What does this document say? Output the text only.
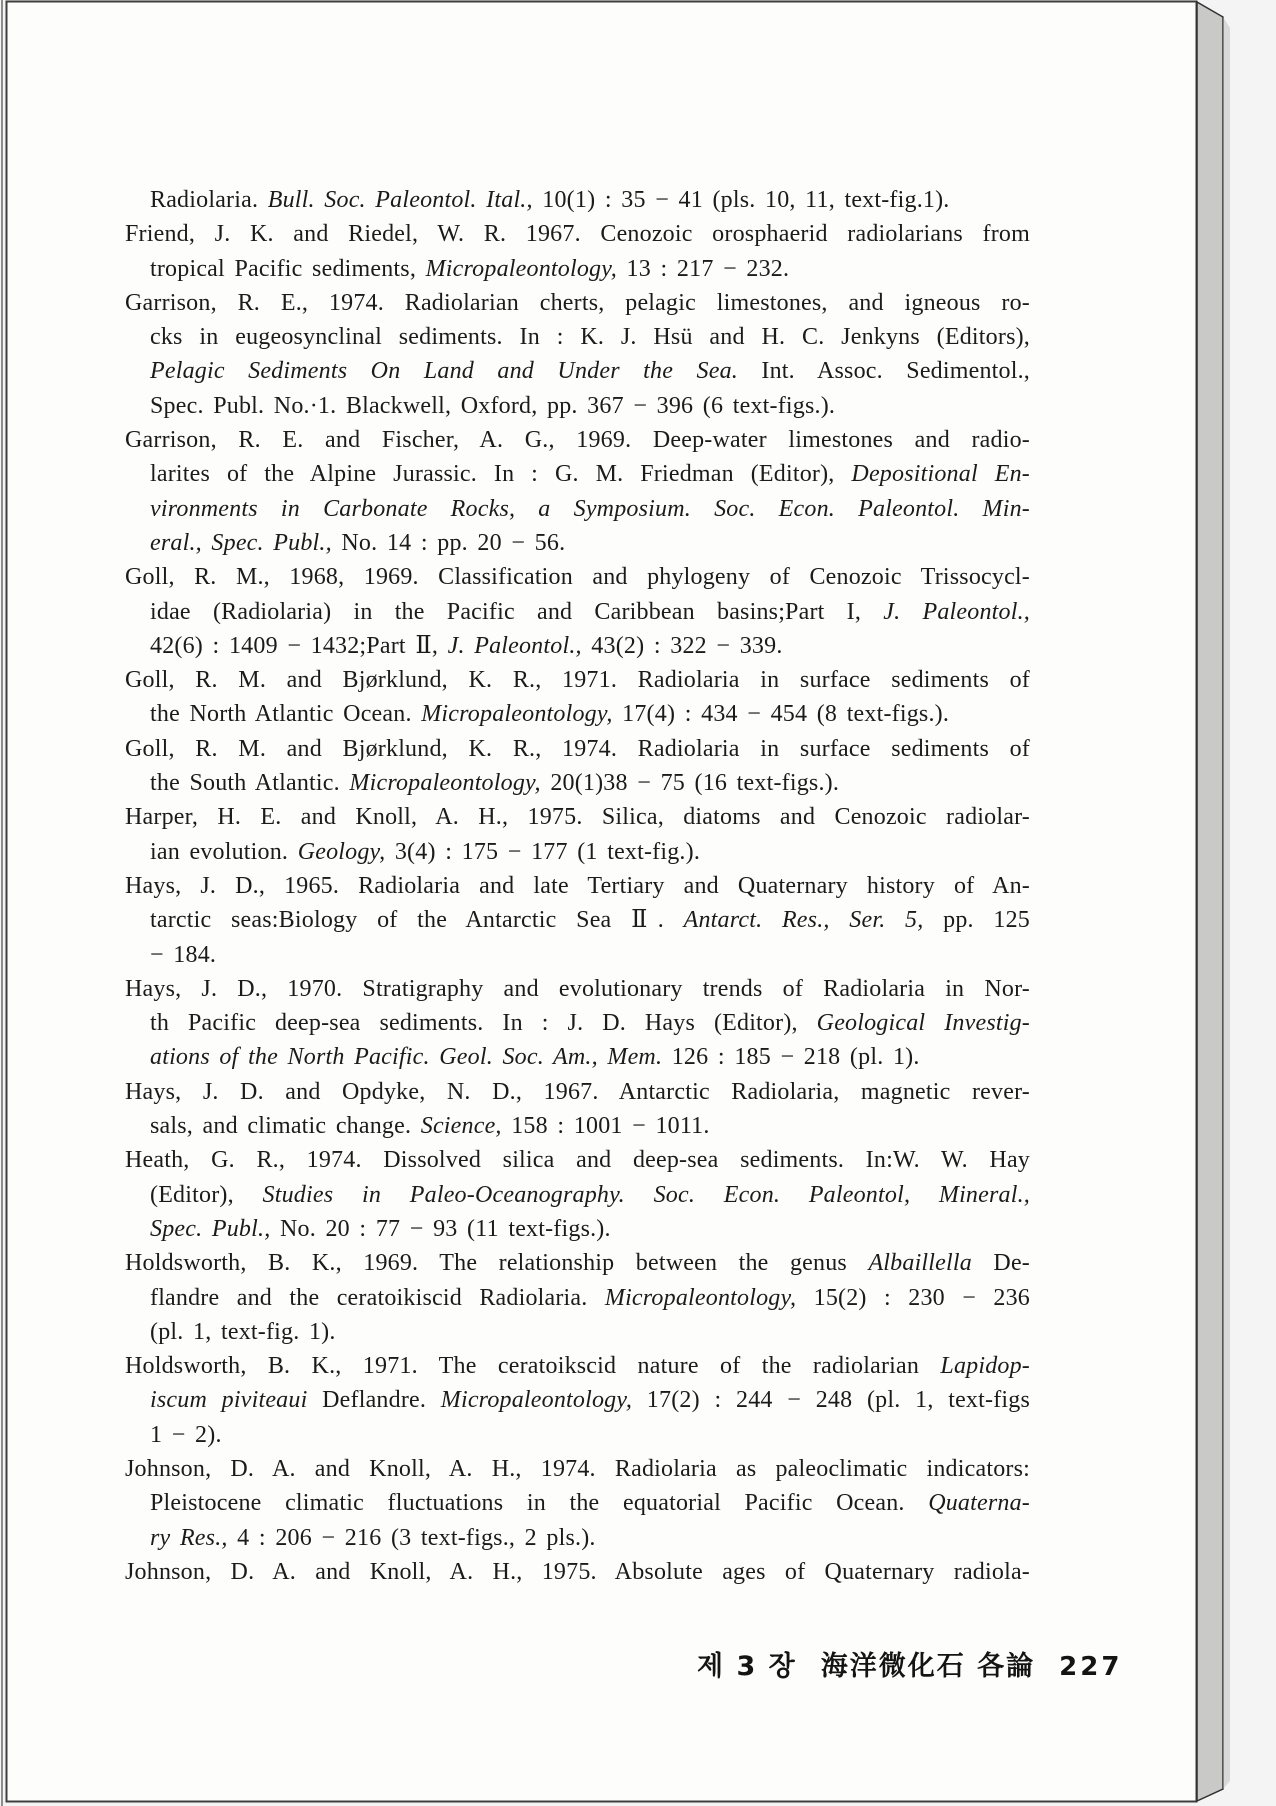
Radiolaria. Bull. Soc. Paleontol. Ital., 10(1) : 35 − 41 (pls. 10, 11, text-fig.1).
Friend, J. K. and Riedel, W. R. 1967. Cenozoic orosphaerid radiolarians from
tropical Pacific sediments, Micropaleontology, 13 : 217 − 232.
Garrison, R. E., 1974. Radiolarian cherts, pelagic limestones, and igneous ro-
cks in eugeosynclinal sediments. In : K. J. Hsü and H. C. Jenkyns (Editors),
Pelagic Sediments On Land and Under the Sea. Int. Assoc. Sedimentol.,
Spec. Publ. No.·1. Blackwell, Oxford, pp. 367 − 396 (6 text-figs.).
Garrison, R. E. and Fischer, A. G., 1969. Deep-water limestones and radio-
larites of the Alpine Jurassic. In : G. M. Friedman (Editor), Depositional En-
vironments in Carbonate Rocks, a Symposium. Soc. Econ. Paleontol. Min-
eral., Spec. Publ., No. 14 : pp. 20 − 56.
Goll, R. M., 1968, 1969. Classification and phylogeny of Cenozoic Trissocycl-
idae (Radiolaria) in the Pacific and Caribbean basins;Part I, J. Paleontol.,
42(6) : 1409 − 1432;Part Ⅱ, J. Paleontol., 43(2) : 322 − 339.
Goll, R. M. and Bjørklund, K. R., 1971. Radiolaria in surface sediments of
the North Atlantic Ocean. Micropaleontology, 17(4) : 434 − 454 (8 text-figs.).
Goll, R. M. and Bjørklund, K. R., 1974. Radiolaria in surface sediments of
the South Atlantic. Micropaleontology, 20(1)38 − 75 (16 text-figs.).
Harper, H. E. and Knoll, A. H., 1975. Silica, diatoms and Cenozoic radiolar-
ian evolution. Geology, 3(4) : 175 − 177 (1 text-fig.).
Hays, J. D., 1965. Radiolaria and late Tertiary and Quaternary history of An-
tarctic seas:Biology of the Antarctic Sea Ⅱ. Antarct. Res., Ser. 5, pp. 125
− 184.
Hays, J. D., 1970. Stratigraphy and evolutionary trends of Radiolaria in Nor-
th Pacific deep-sea sediments. In : J. D. Hays (Editor), Geological Investig-
ations of the North Pacific. Geol. Soc. Am., Mem. 126 : 185 − 218 (pl. 1).
Hays, J. D. and Opdyke, N. D., 1967. Antarctic Radiolaria, magnetic rever-
sals, and climatic change. Science, 158 : 1001 − 1011.
Heath, G. R., 1974. Dissolved silica and deep-sea sediments. In:W. W. Hay
(Editor), Studies in Paleo-Oceanography. Soc. Econ. Paleontol, Mineral.,
Spec. Publ., No. 20 : 77 − 93 (11 text-figs.).
Holdsworth, B. K., 1969. The relationship between the genus Albaillella De-
flandre and the ceratoikiscid Radiolaria. Micropaleontology, 15(2) : 230 − 236
(pl. 1, text-fig. 1).
Holdsworth, B. K., 1971. The ceratoikscid nature of the radiolarian Lapidop-
iscum piviteaui Deflandre. Micropaleontology, 17(2) : 244 − 248 (pl. 1, text-figs
1 − 2).
Johnson, D. A. and Knoll, A. H., 1974. Radiolaria as paleoclimatic indicators:
Pleistocene climatic fluctuations in the equatorial Pacific Ocean. Quaterna-
ry Res., 4 : 206 − 216 (3 text-figs., 2 pls.).
Johnson, D. A. and Knoll, A. H., 1975. Absolute ages of Quaternary radiola-
제 3 장 海洋微化石 各論 227
